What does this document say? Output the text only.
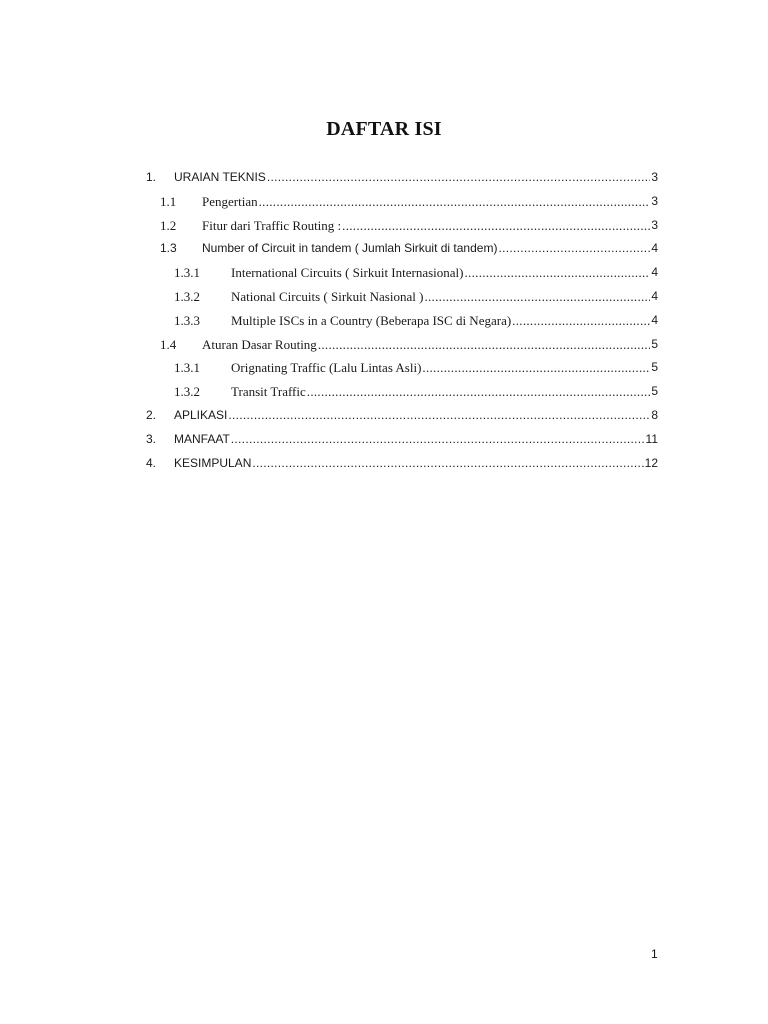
DAFTAR ISI
1.	URAIAN TEKNIS .....	3
1.1	Pengertian .....	3
1.2	Fitur dari Traffic Routing : .....	3
1.3	Number of Circuit in tandem ( Jumlah Sirkuit di tandem) .....	4
1.3.1	International Circuits ( Sirkuit Internasional) .....	4
1.3.2	National Circuits ( Sirkuit Nasional ) .....	4
1.3.3	Multiple ISCs in a Country (Beberapa ISC di Negara) .....	4
1.4	Aturan Dasar Routing .....	5
1.3.1	Orignating Traffic (Lalu Lintas Asli) .....	5
1.3.2	Transit Traffic .....	5
2.	APLIKASI .....	8
3.	MANFAAT .....	11
4.	KESIMPULAN .....	12
1
